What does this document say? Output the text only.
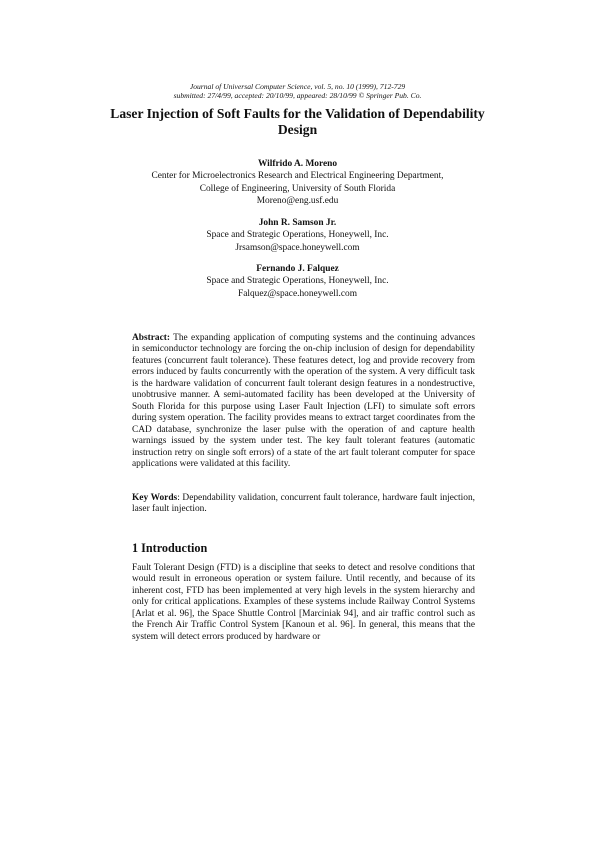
Journal of Universal Computer Science, vol. 5, no. 10 (1999), 712-729
submitted: 27/4/99, accepted: 20/10/99, appeared: 28/10/99 © Springer Pub. Co.
Laser Injection of Soft Faults for the Validation of Dependability Design
Wilfrido A. Moreno
Center for Microelectronics Research and Electrical Engineering Department,
College of Engineering, University of South Florida
Moreno@eng.usf.edu
John R. Samson Jr.
Space and Strategic Operations, Honeywell, Inc.
Jrsamson@space.honeywell.com
Fernando J. Falquez
Space and Strategic Operations, Honeywell, Inc.
Falquez@space.honeywell.com
Abstract: The expanding application of computing systems and the continuing advances in semiconductor technology are forcing the on-chip inclusion of design for dependability features (concurrent fault tolerance). These features detect, log and provide recovery from errors induced by faults concurrently with the operation of the system. A very difficult task is the hardware validation of concurrent fault tolerant design features in a nondestructive, unobtrusive manner. A semi-automated facility has been developed at the University of South Florida for this purpose using Laser Fault Injection (LFI) to simulate soft errors during system operation. The facility provides means to extract target coordinates from the CAD database, synchronize the laser pulse with the operation of and capture health warnings issued by the system under test. The key fault tolerant features (automatic instruction retry on single soft errors) of a state of the art fault tolerant computer for space applications were validated at this facility.
Key Words: Dependability validation, concurrent fault tolerance, hardware fault injection, laser fault injection.
1 Introduction
Fault Tolerant Design (FTD) is a discipline that seeks to detect and resolve conditions that would result in erroneous operation or system failure. Until recently, and because of its inherent cost, FTD has been implemented at very high levels in the system hierarchy and only for critical applications. Examples of these systems include Railway Control Systems [Arlat et al. 96], the Space Shuttle Control [Marciniak 94], and air traffic control such as the French Air Traffic Control System [Kanoun et al. 96]. In general, this means that the system will detect errors produced by hardware or
